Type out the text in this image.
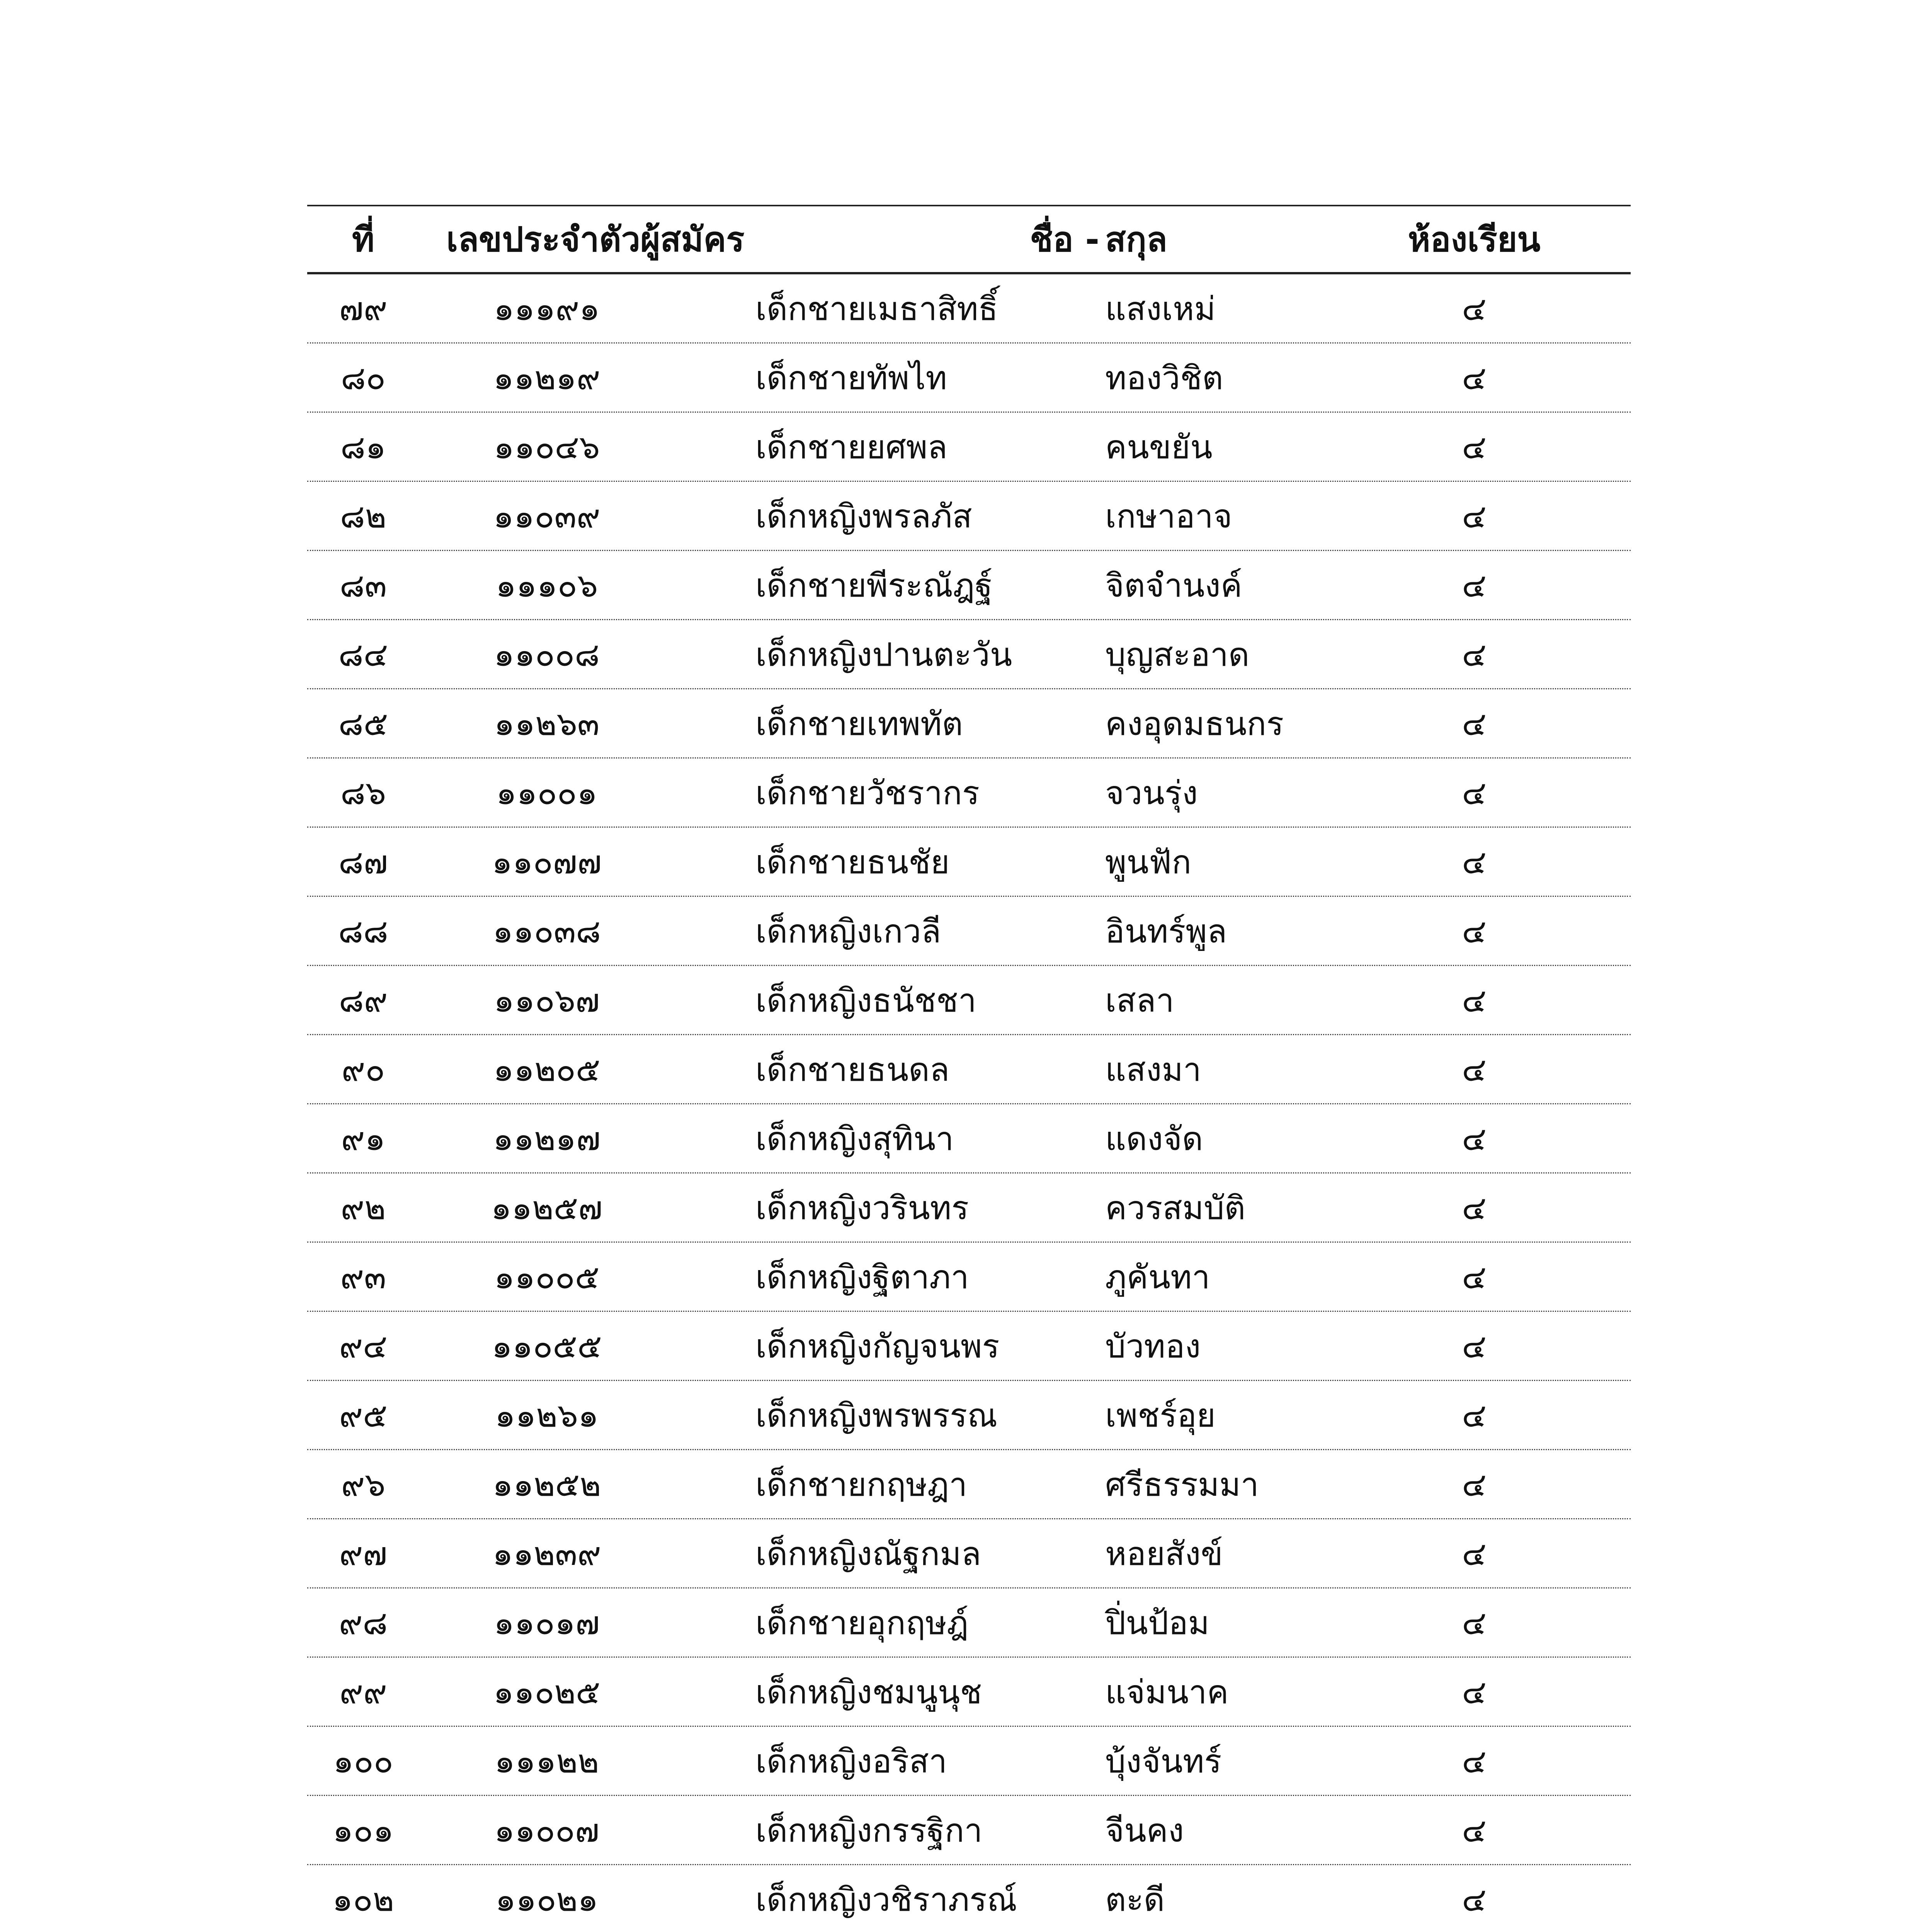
ที่	เลขประจำตัวผู้สมัคร	ชื่อ - สกุล	ห้องเรียน
๗๙	๑๑๑๙๑	เด็กชายเมธาสิทธิ์	แสงเหม่	๔
๘๐	๑๑๒๑๙	เด็กชายทัพไท	ทองวิชิต	๔
๘๑	๑๑๐๔๖	เด็กชายยศพล	คนขยัน	๔
๘๒	๑๑๐๓๙	เด็กหญิงพรลภัส	เกษาอาจ	๔
๘๓	๑๑๑๐๖	เด็กชายพีระณัฎฐ์	จิตจำนงค์	๔
๘๔	๑๑๐๐๘	เด็กหญิงปานตะวัน	บุญสะอาด	๔
๘๕	๑๑๒๖๓	เด็กชายเทพทัต	คงอุดมธนกร	๔
๘๖	๑๑๐๐๑	เด็กชายวัชรากร	จวนรุ่ง	๔
๘๗	๑๑๐๗๗	เด็กชายธนชัย	พูนฟัก	๔
๘๘	๑๑๐๓๘	เด็กหญิงเกวลี	อินทร์พูล	๔
๘๙	๑๑๐๖๗	เด็กหญิงธนัชชา	เสลา	๔
๙๐	๑๑๒๐๕	เด็กชายธนดล	แสงมา	๔
๙๑	๑๑๒๑๗	เด็กหญิงสุทินา	แดงจัด	๔
๙๒	๑๑๒๕๗	เด็กหญิงวรินทร	ควรสมบัติ	๔
๙๓	๑๑๐๐๕	เด็กหญิงฐิตาภา	ภูคันทา	๔
๙๔	๑๑๐๕๕	เด็กหญิงกัญจนพร	บัวทอง	๔
๙๕	๑๑๒๖๑	เด็กหญิงพรพรรณ	เพชร์อุย	๔
๙๖	๑๑๒๕๒	เด็กชายกฤษฎา	ศรีธรรมมา	๔
๙๗	๑๑๒๓๙	เด็กหญิงณัฐกมล	หอยสังข์	๔
๙๘	๑๑๐๑๗	เด็กชายอุกฤษฎ์	ปิ่นป้อม	๔
๙๙	๑๑๐๒๕	เด็กหญิงชมนูนุช	แจ่มนาค	๔
๑๐๐	๑๑๑๒๒	เด็กหญิงอริสา	บุ้งจันทร์	๔
๑๐๑	๑๑๐๐๗	เด็กหญิงกรรฐิกา	จีนคง	๔
๑๐๒	๑๑๐๒๑	เด็กหญิงวชิราภรณ์	ตะดี	๔
